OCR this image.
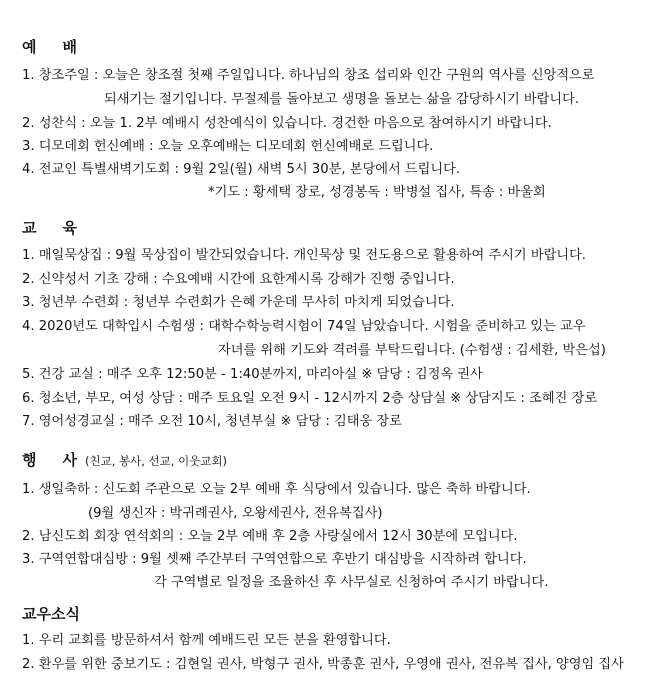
예 배
1. 창조주일 : 오늘은 창조절 첫째 주일입니다. 하나님의 창조 섭리와 인간 구원의 역사를 신앙적으로
되새기는 절기입니다. 무절제를 돌아보고 생명을 돌보는 삶을 감당하시기 바랍니다.
2. 성찬식 : 오늘 1. 2부 예배시 성찬예식이 있습니다. 경건한 마음으로 참여하시기 바랍니다.
3. 디모데회 헌신예배 : 오늘 오후예배는 디모데회 헌신예배로 드립니다.
4. 전교인 특별새벽기도회 : 9월 2일(월) 새벽 5시 30분, 본당에서 드립니다.
*기도 : 황세택 장로, 성경봉독 : 박병설 집사, 특송 : 바울회
교 육
1. 매일묵상집 : 9월 묵상집이 발간되었습니다. 개인묵상 및 전도용으로 활용하여 주시기 바랍니다.
2. 신약성서 기초 강해 : 수요예배 시간에 요한계시록 강해가 진행 중입니다.
3. 청년부 수련회 : 청년부 수련회가 은혜 가운데 무사히 마치게 되었습니다.
4. 2020년도 대학입시 수험생 : 대학수학능력시험이 74일 남았습니다. 시험을 준비하고 있는 교우
자녀를 위해 기도와 격려를 부탁드립니다. (수험생 : 김세환, 박은섭)
5. 건강 교실 : 매주 오후 12:50분 - 1:40분까지, 마리아실 ※ 담당 : 김정옥 권사
6. 청소년, 부모, 여성 상담 : 매주 토요일 오전 9시 - 12시까지 2층 상담실 ※ 상담지도 : 조혜진 장로
7. 영어성경교실 : 매주 오전 10시, 청년부실 ※ 담당 : 김태웅 장로
행 사 (친교, 봉사, 선교, 이웃교회)
1. 생일축하 : 신도회 주관으로 오늘 2부 예배 후 식당에서 있습니다. 많은 축하 바랍니다.
(9월 생신자 : 박귀례권사, 오왕세권사, 전유복집사)
2. 남신도회 회장 연석회의 : 오늘 2부 예배 후 2층 사랑실에서 12시 30분에 모입니다.
3. 구역연합대심방 : 9월 셋째 주간부터 구역연합으로 후반기 대심방을 시작하려 합니다.
각 구역별로 일정을 조율하신 후 사무실로 신청하여 주시기 바랍니다.
교우소식
1. 우리 교회를 방문하셔서 함께 예배드린 모든 분을 환영합니다.
2. 환우를 위한 중보기도 : 김현일 권사, 박형구 권사, 박종훈 권사, 우영애 권사, 전유복 집사, 양영임 집사
